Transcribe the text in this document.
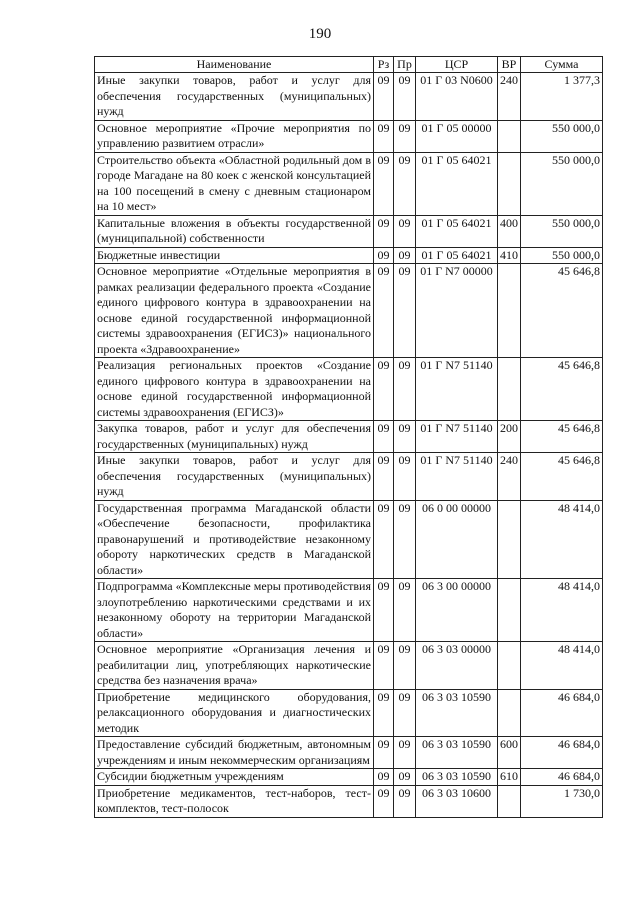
190
Наименование	Рз	Пр	ЦСР	ВР	Сумма
Иные закупки товаров, работ и услуг для обеспечения государственных (муниципальных) нужд	09	09	01 Г 03 N0600	240	1 377,3
Основное мероприятие «Прочие мероприятия по управлению развитием отрасли»	09	09	01 Г 05 00000		550 000,0
Строительство объекта «Областной родильный дом в городе Магадане на 80 коек с женской консультацией на 100 посещений в смену с дневным стационаром на 10 мест»	09	09	01 Г 05 64021		550 000,0
Капитальные вложения в объекты государственной (муниципальной) собственности	09	09	01 Г 05 64021	400	550 000,0
Бюджетные инвестиции	09	09	01 Г 05 64021	410	550 000,0
Основное мероприятие «Отдельные мероприятия в рамках реализации федерального проекта «Создание единого цифрового контура в здравоохранении на основе единой государственной информационной системы здравоохранения (ЕГИСЗ)» национального проекта «Здравоохранение»	09	09	01 Г N7 00000		45 646,8
Реализация региональных проектов «Создание единого цифрового контура в здравоохранении на основе единой государственной информационной системы здравоохранения (ЕГИСЗ)»	09	09	01 Г N7 51140		45 646,8
Закупка товаров, работ и услуг для обеспечения государственных (муниципальных) нужд	09	09	01 Г N7 51140	200	45 646,8
Иные закупки товаров, работ и услуг для обеспечения государственных (муниципальных) нужд	09	09	01 Г N7 51140	240	45 646,8
Государственная программа Магаданской области «Обеспечение безопасности, профилактика правонарушений и противодействие незаконному обороту наркотических средств в Магаданской области»	09	09	06 0 00 00000		48 414,0
Подпрограмма «Комплексные меры противодействия злоупотреблению наркотическими средствами и их незаконному обороту на территории Магаданской области»	09	09	06 3 00 00000		48 414,0
Основное мероприятие «Организация лечения и реабилитации лиц, употребляющих наркотические средства без назначения врача»	09	09	06 3 03 00000		48 414,0
Приобретение медицинского оборудования, релаксационного оборудования и диагностических методик	09	09	06 3 03 10590		46 684,0
Предоставление субсидий бюджетным, автономным учреждениям и иным некоммерческим организациям	09	09	06 3 03 10590	600	46 684,0
Субсидии бюджетным учреждениям	09	09	06 3 03 10590	610	46 684,0
Приобретение медикаментов, тест-наборов, тест-комплектов, тест-полосок	09	09	06 3 03 10600		1 730,0
